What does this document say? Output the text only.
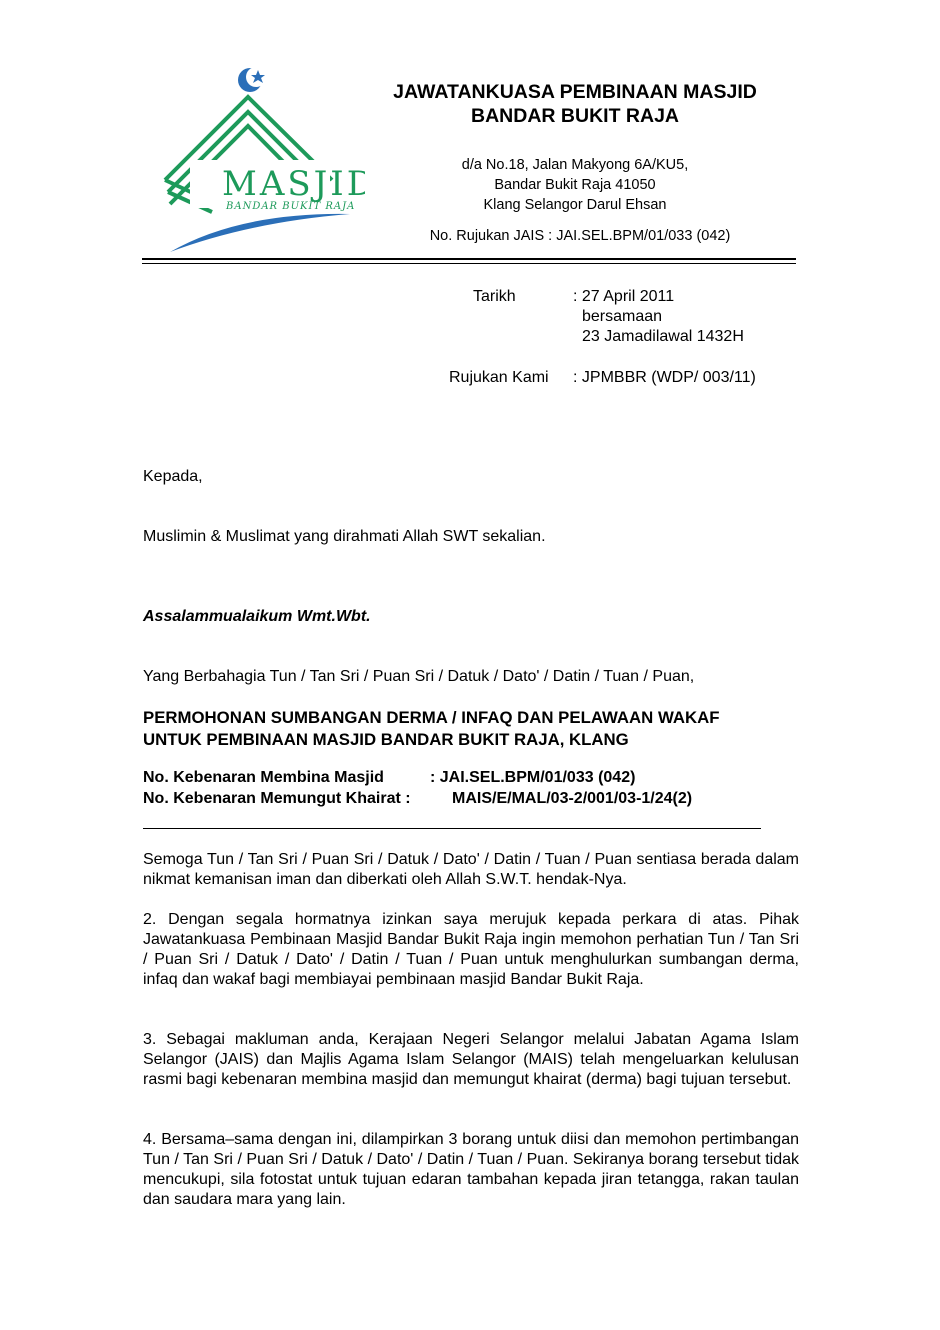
MASJID
BANDAR BUKIT RAJA
JAWATANKUASA PEMBINAAN MASJID
BANDAR BUKIT RAJA
d/a No.18, Jalan Makyong 6A/KU5,
Bandar Bukit Raja 41050
Klang Selangor Darul Ehsan
No. Rujukan JAIS : JAI.SEL.BPM/01/033 (042)
Tarikh	: 27 April 2011
bersamaan
23 Jamadilawal 1432H
Rujukan Kami : JPMBBR (WDP/ 003/11)
Kepada,
Muslimin & Muslimat yang dirahmati Allah SWT sekalian.
Assalammualaikum Wmt.Wbt.
Yang Berbahagia Tun / Tan Sri / Puan Sri / Datuk / Dato' / Datin / Tuan / Puan,
PERMOHONAN SUMBANGAN DERMA / INFAQ DAN PELAWAAN WAKAF
UNTUK PEMBINAAN MASJID BANDAR BUKIT RAJA, KLANG
No. Kebenaran Membina Masjid	: JAI.SEL.BPM/01/033 (042)
No. Kebenaran Memungut Khairat :	MAIS/E/MAL/03-2/001/03-1/24(2)
Semoga Tun / Tan Sri / Puan Sri / Datuk / Dato' / Datin / Tuan / Puan sentiasa berada dalam nikmat kemanisan iman dan diberkati oleh Allah S.W.T. hendak-Nya.
2. Dengan segala hormatnya izinkan saya merujuk kepada perkara di atas. Pihak Jawatankuasa Pembinaan Masjid Bandar Bukit Raja ingin memohon perhatian Tun / Tan Sri / Puan Sri / Datuk / Dato' / Datin / Tuan / Puan untuk menghulurkan sumbangan derma, infaq dan wakaf bagi membiayai pembinaan masjid Bandar Bukit Raja.
3. Sebagai makluman anda, Kerajaan Negeri Selangor melalui Jabatan Agama Islam Selangor (JAIS) dan Majlis Agama Islam Selangor (MAIS) telah mengeluarkan kelulusan rasmi bagi kebenaran membina masjid dan memungut khairat (derma) bagi tujuan tersebut.
4. Bersama–sama dengan ini, dilampirkan 3 borang untuk diisi dan memohon pertimbangan Tun / Tan Sri / Puan Sri / Datuk / Dato' / Datin / Tuan / Puan. Sekiranya borang tersebut tidak mencukupi, sila fotostat untuk tujuan edaran tambahan kepada jiran tetangga, rakan taulan dan saudara mara yang lain.
